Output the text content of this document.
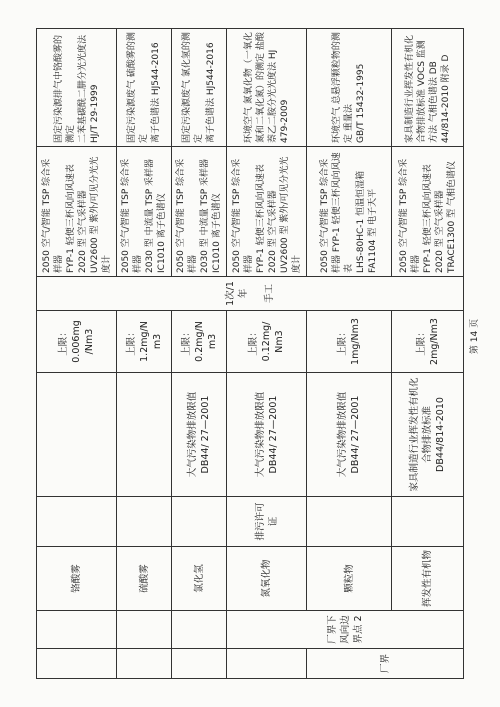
		铬酸雾			上限： 0.006mg /Nm3	1次/1年 手工	2050 空气/智能 TSP 综合采样器
FYP-1 轻便三杯风向风速表
2020 型 空气采样器
UV2600 型 紫外/可见分光光度计	固定污染源排气中铬酸雾的测定
二苯基碳酰二肼分光光度法 HJ/T 29-1999
		硫酸雾			上限：
1.2mg/N
m3		2050 空气/智能 TSP 综合采样器
2030 型 中流量 TSP 采样器
IC1010 离子色谱仪	固定污染源废气 硫酸雾的测定
离子色谱法 HJ544-2016
		氯化氢		大气污染物排放限值
DB44/ 27—2001	上限：
0.2mg/N
m3		2050 空气/智能 TSP 综合采样器
2030 型 中流量 TSP 采样器
IC1010 离子色谱仪	固定污染源废气 氯化氢的测定
离子色谱法 HJ544-2016
	厂界下风向边界点 2	氮氧化物	排污许可证	大气污染物排放限值
DB44/ 27—2001	上限：
0.12mg/
Nm3		2050 空气/智能 TSP 综合采样器
FYP-1 轻便三杯风向风速表
2020 型 空气采样器
UV2600 型 紫外/可见分光光度计	环境空气 氮氧化物（一氧化氮和二氧化氮）的测定 盐酸萘乙二胺分光光度法 HJ 479-2009
厂界		颗粒物		大气污染物排放限值
DB44/ 27—2001	上限：
1mg/Nm3		2050 空气/智能 TSP 综合采样器 FYP-1 轻便三杯风向风速表
LHS-80HC-1 恒温恒湿箱
FA1104 型 电子天平	环境空气 总悬浮颗粒物的测定 重量法
GB/T 15432-1995
		挥发性有机物		家具制造行业挥发性有机化合物排放标准
DB44/814-2010	上限：
2mg/Nm3		2050 空气/智能 TSP 综合采样器
FYP-1 轻便三杯风向风速表
2020 型 空气采样器
TRACE1300 型 气相色谱仪	家具制造行业挥发性有机化合物排放标准 VOCS 监测方法 气相色谱法 DB 44/814-2010 附录 D
第 14 页
